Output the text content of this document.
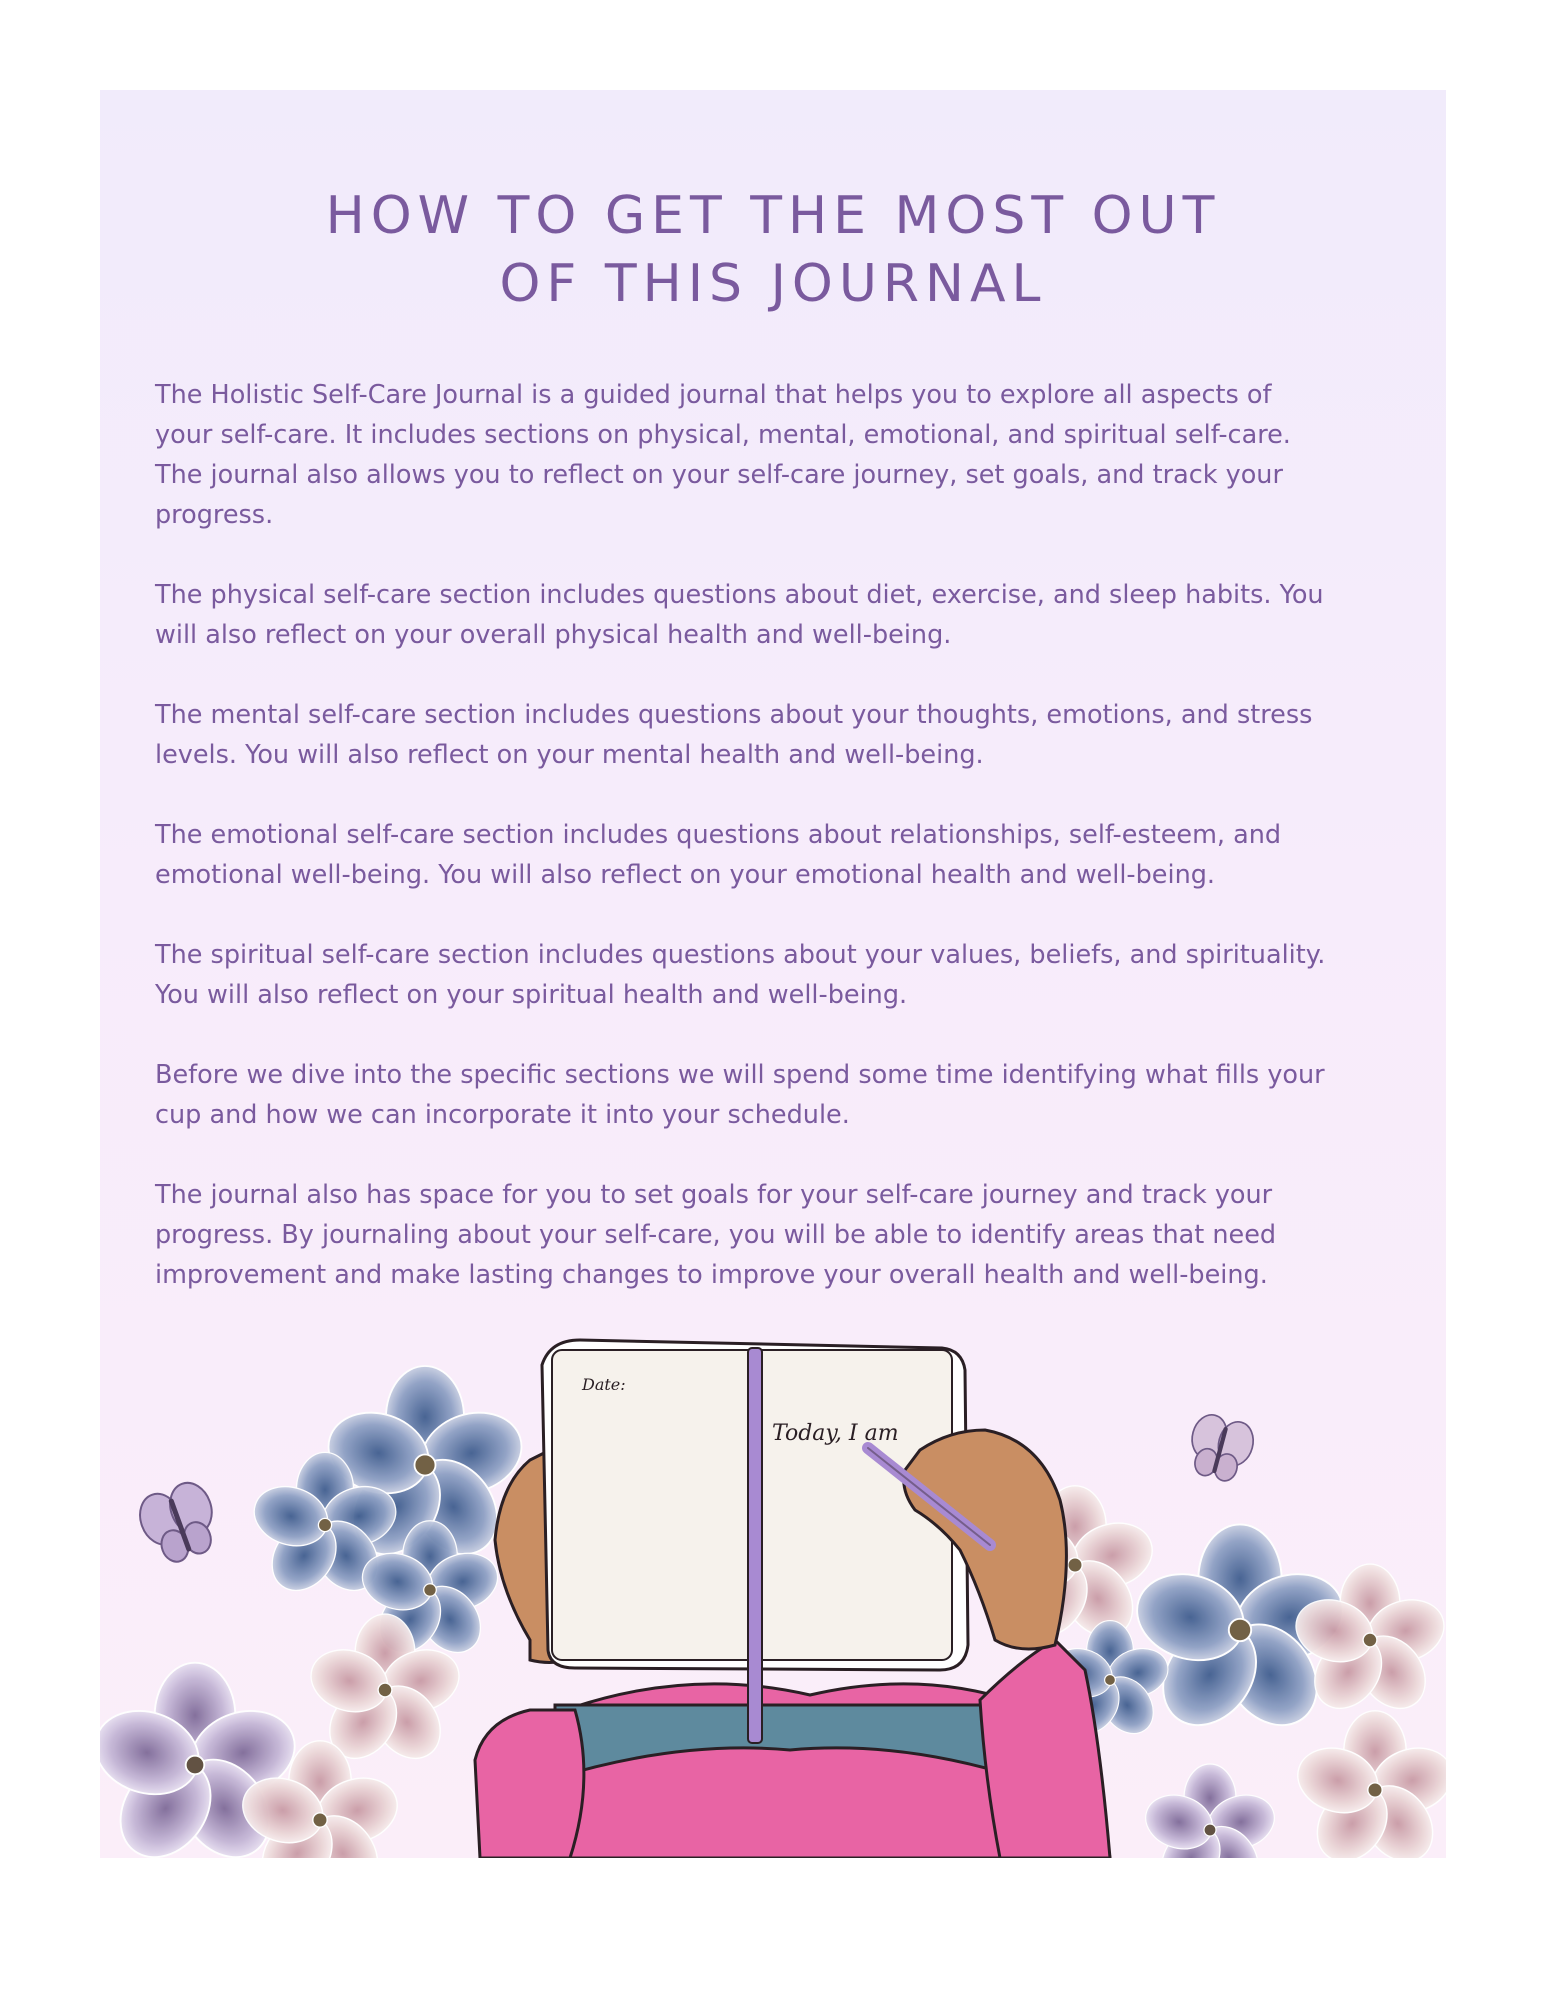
HOW TO GET THE MOST OUT
OF THIS JOURNAL

The Holistic Self-Care Journal is a guided journal that helps you to explore all aspects of
your self-care. It includes sections on physical, mental, emotional, and spiritual self-care.
The journal also allows you to reflect on your self-care journey, set goals, and track your
progress.

The physical self-care section includes questions about diet, exercise, and sleep habits. You
will also reflect on your overall physical health and well-being.

The mental self-care section includes questions about your thoughts, emotions, and stress
levels. You will also reflect on your mental health and well-being.

The emotional self-care section includes questions about relationships, self-esteem, and
emotional well-being. You will also reflect on your emotional health and well-being.

The spiritual self-care section includes questions about your values, beliefs, and spirituality.
You will also reflect on your spiritual health and well-being.

Before we dive into the specific sections we will spend some time identifying what fills your
cup and how we can incorporate it into your schedule.

The journal also has space for you to set goals for your self-care journey and track your
progress. By journaling about your self-care, you will be able to identify areas that need
improvement and make lasting changes to improve your overall health and well-being.

Date:
Today, I am
